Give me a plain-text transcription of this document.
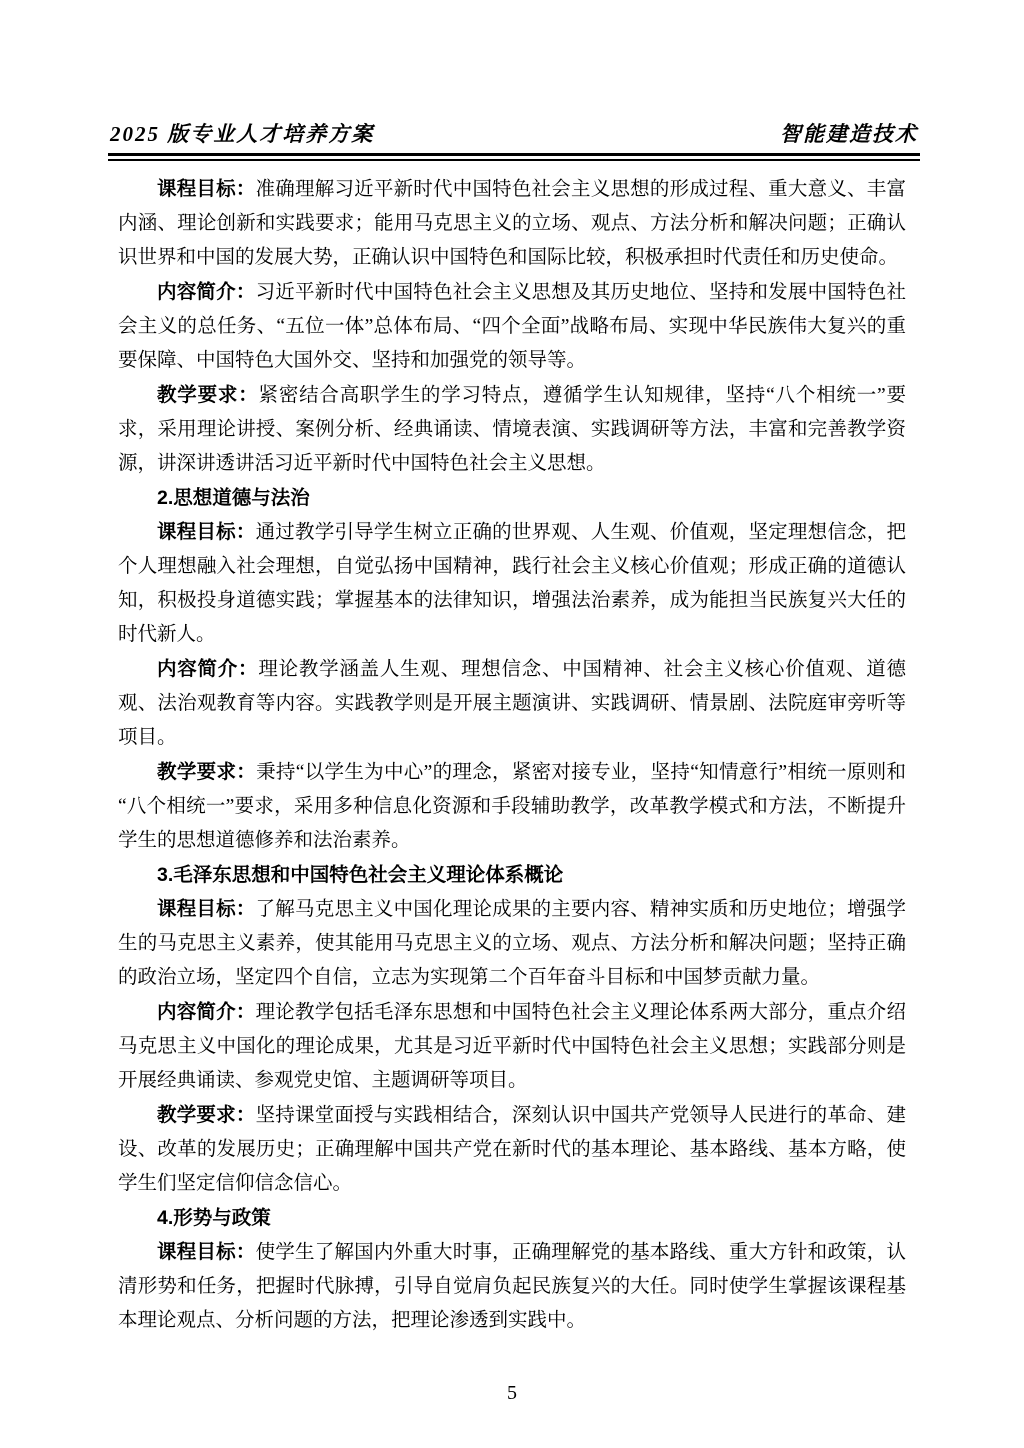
2025 版专业人才培养方案	智能建造技术

课程目标：准确理解习近平新时代中国特色社会主义思想的形成过程、重大意义、丰富内涵、理论创新和实践要求；能用马克思主义的立场、观点、方法分析和解决问题；正确认识世界和中国的发展大势，正确认识中国特色和国际比较，积极承担时代责任和历史使命。

内容简介：习近平新时代中国特色社会主义思想及其历史地位、坚持和发展中国特色社会主义的总任务、“五位一体”总体布局、“四个全面”战略布局、实现中华民族伟大复兴的重要保障、中国特色大国外交、坚持和加强党的领导等。

教学要求：紧密结合高职学生的学习特点，遵循学生认知规律，坚持“八个相统一”要求，采用理论讲授、案例分析、经典诵读、情境表演、实践调研等方法，丰富和完善教学资源，讲深讲透讲活习近平新时代中国特色社会主义思想。

2.思想道德与法治

课程目标：通过教学引导学生树立正确的世界观、人生观、价值观，坚定理想信念，把个人理想融入社会理想，自觉弘扬中国精神，践行社会主义核心价值观；形成正确的道德认知，积极投身道德实践；掌握基本的法律知识，增强法治素养，成为能担当民族复兴大任的时代新人。

内容简介：理论教学涵盖人生观、理想信念、中国精神、社会主义核心价值观、道德观、法治观教育等内容。实践教学则是开展主题演讲、实践调研、情景剧、法院庭审旁听等项目。

教学要求：秉持“以学生为中心”的理念，紧密对接专业，坚持“知情意行”相统一原则和“八个相统一”要求，采用多种信息化资源和手段辅助教学，改革教学模式和方法，不断提升学生的思想道德修养和法治素养。

3.毛泽东思想和中国特色社会主义理论体系概论

课程目标：了解马克思主义中国化理论成果的主要内容、精神实质和历史地位；增强学生的马克思主义素养，使其能用马克思主义的立场、观点、方法分析和解决问题；坚持正确的政治立场，坚定四个自信，立志为实现第二个百年奋斗目标和中国梦贡献力量。

内容简介：理论教学包括毛泽东思想和中国特色社会主义理论体系两大部分，重点介绍马克思主义中国化的理论成果，尤其是习近平新时代中国特色社会主义思想；实践部分则是开展经典诵读、参观党史馆、主题调研等项目。

教学要求：坚持课堂面授与实践相结合，深刻认识中国共产党领导人民进行的革命、建设、改革的发展历史；正确理解中国共产党在新时代的基本理论、基本路线、基本方略，使学生们坚定信仰信念信心。

4.形势与政策

课程目标：使学生了解国内外重大时事，正确理解党的基本路线、重大方针和政策，认清形势和任务，把握时代脉搏，引导自觉肩负起民族复兴的大任。同时使学生掌握该课程基本理论观点、分析问题的方法，把理论渗透到实践中。

5
